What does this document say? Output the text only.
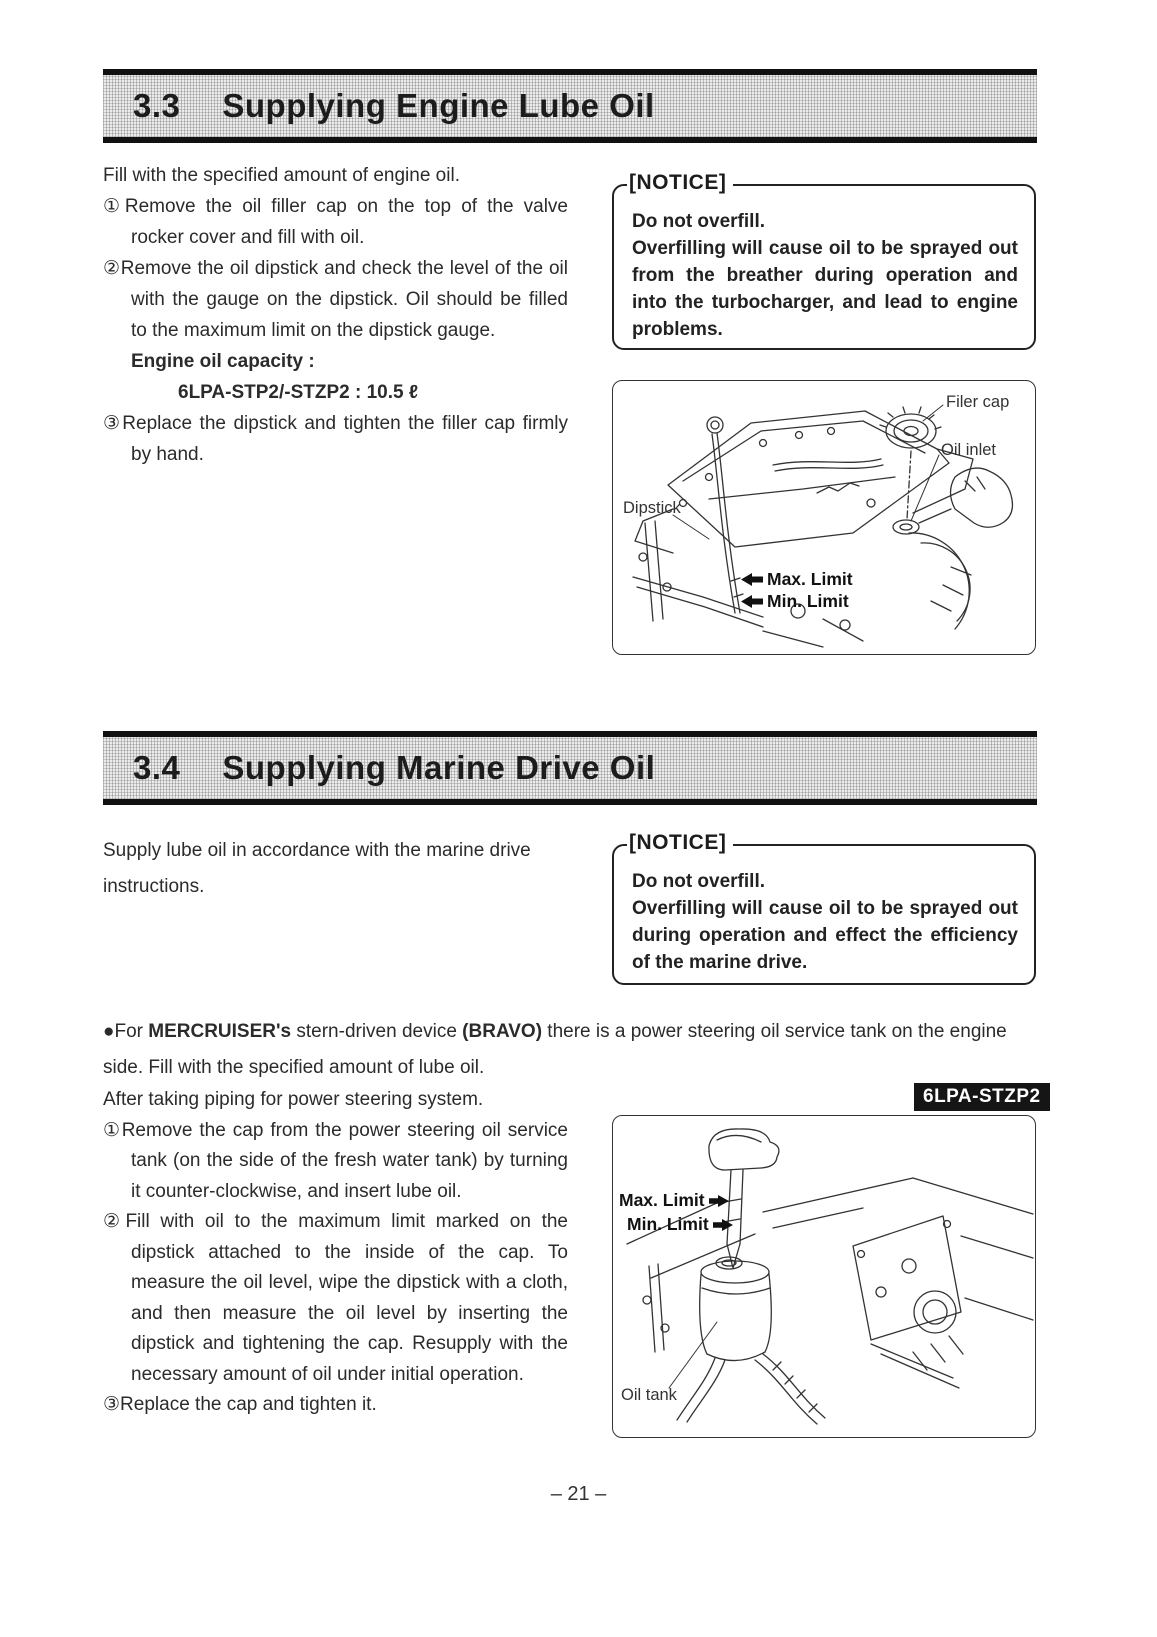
3.3 Supplying Engine Lube Oil

Fill with the specified amount of engine oil.

①Remove the oil filler cap on the top of the valve rocker cover and fill with oil.

②Remove the oil dipstick and check the level of the oil with the gauge on the dipstick. Oil should be filled to the maximum limit on the dipstick gauge.

Engine oil capacity :

6LPA-STP2/-STZP2 : 10.5 ℓ

③Replace the dipstick and tighten the filler cap firmly by hand.

[NOTICE]
Do not overfill.
Overfilling will cause oil to be sprayed out from the breather during operation and into the turbocharger, and lead to engine problems.
Filer cap
Oil inlet
Dipstick
Max. Limit
Min. Limit
3.4 Supplying Marine Drive Oil

Supply lube oil in accordance with the marine drive instructions.

[NOTICE]
Do not overfill.
Overfilling will cause oil to be sprayed out during operation and effect the efficiency of the marine drive.

●For MERCRUISER's stern-driven device (BRAVO) there is a power steering oil service tank on the engine side. Fill with the specified amount of lube oil.

After taking piping for power steering system.

①Remove the cap from the power steering oil service tank (on the side of the fresh water tank) by turning it counter-clockwise, and insert lube oil.

②Fill with oil to the maximum limit marked on the dipstick attached to the inside of the cap. To measure the oil level, wipe the dipstick with a cloth, and then measure the oil level by inserting the dipstick and tightening the cap. Resupply with the necessary amount of oil under initial operation.

③Replace the cap and tighten it.

6LPA-STZP2
Max. Limit
Min. Limit
Oil tank
– 21 –
